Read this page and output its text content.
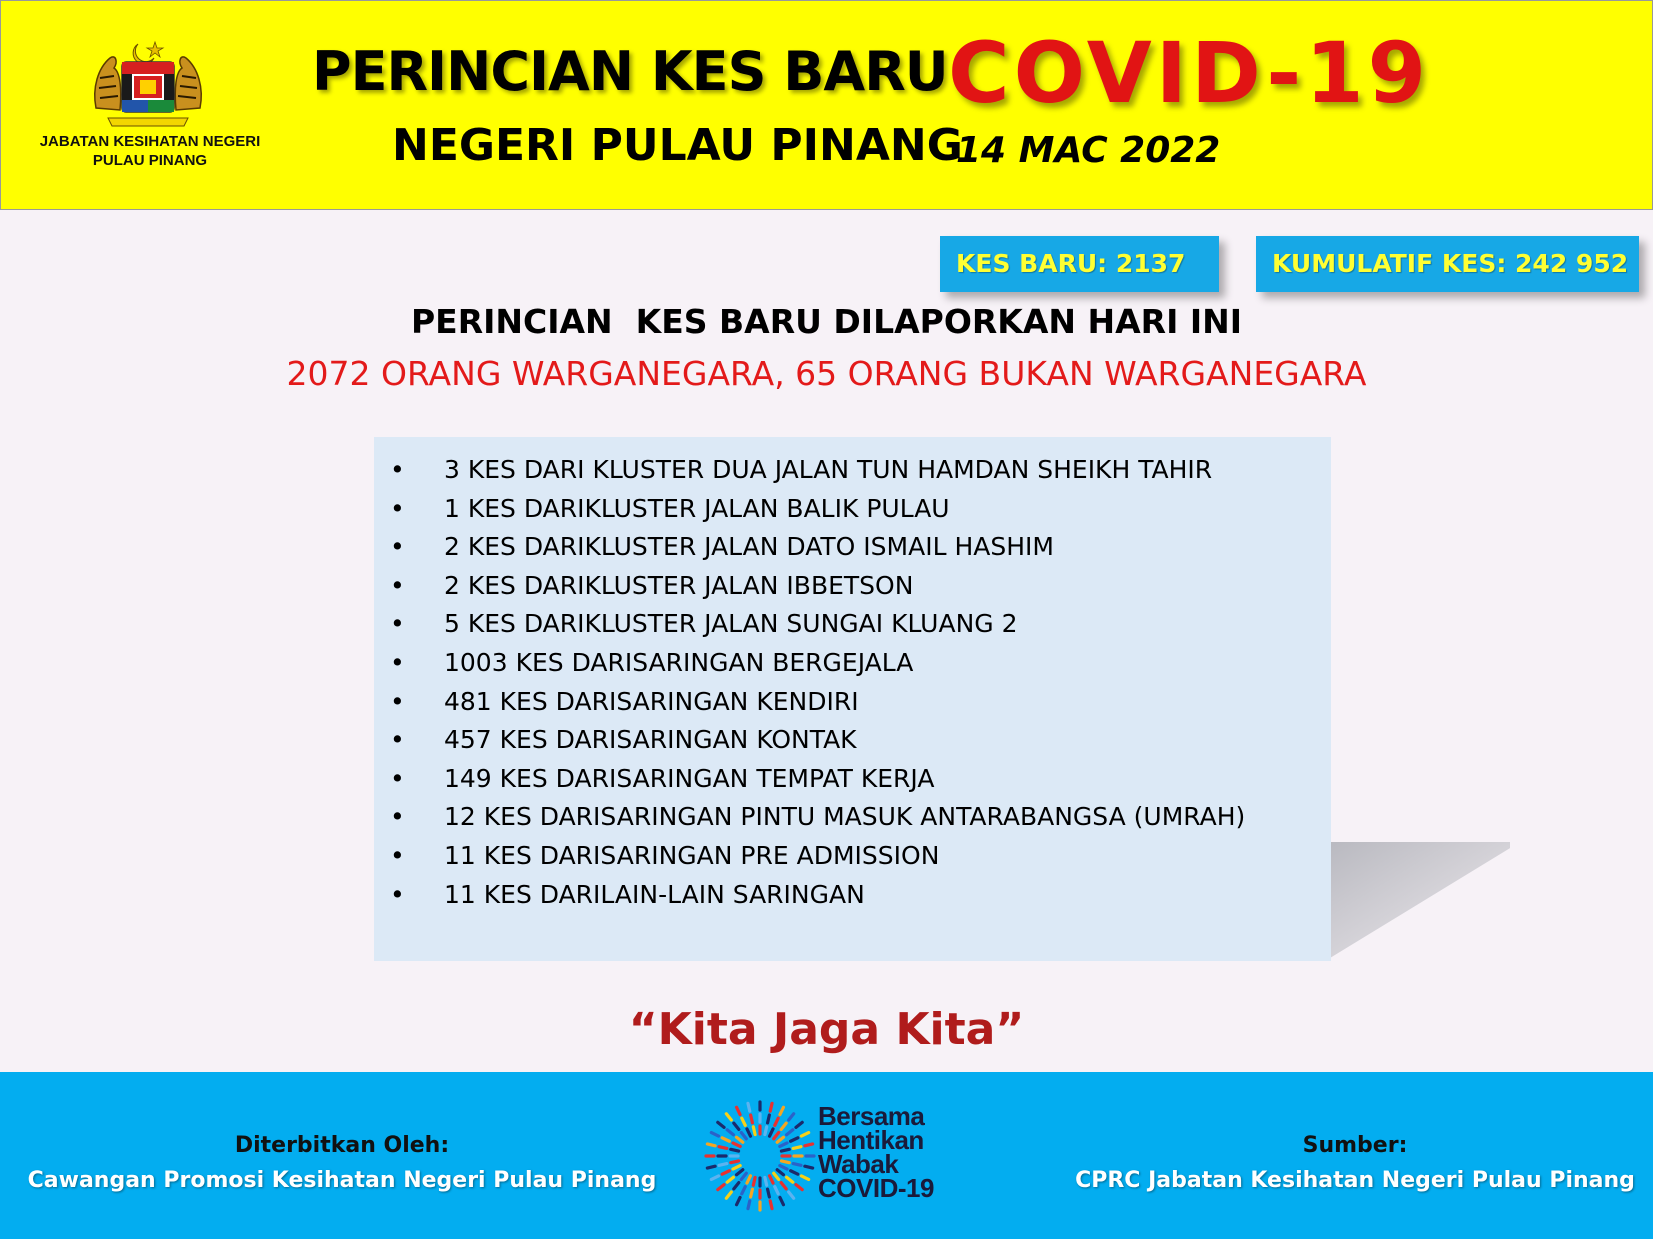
JABATAN KESIHATAN NEGERI
PULAU PINANG
PERINCIAN KES BARU COVID-19
NEGERI PULAU PINANG
14 MAC 2022
KES BARU: 2137	KUMULATIF KES: 242 952
PERINCIAN  KES BARU DILAPORKAN HARI INI
2072 ORANG WARGANEGARA, 65 ORANG BUKAN WARGANEGARA
• 3 KES DARI KLUSTER DUA JALAN TUN HAMDAN SHEIKH TAHIR
• 1 KES DARIKLUSTER JALAN BALIK PULAU
• 2 KES DARIKLUSTER JALAN DATO ISMAIL HASHIM
• 2 KES DARIKLUSTER JALAN IBBETSON
• 5 KES DARIKLUSTER JALAN SUNGAI KLUANG 2
• 1003 KES DARISARINGAN BERGEJALA
• 481 KES DARISARINGAN KENDIRI
• 457 KES DARISARINGAN KONTAK
• 149 KES DARISARINGAN TEMPAT KERJA
• 12 KES DARISARINGAN PINTU MASUK ANTARABANGSA (UMRAH)
• 11 KES DARISARINGAN PRE ADMISSION
• 11 KES DARILAIN-LAIN SARINGAN
“Kita Jaga Kita”
Diterbitkan Oleh:
Cawangan Promosi Kesihatan Negeri Pulau Pinang
Bersama
Hentikan
Wabak
COVID-19
Sumber:
CPRC Jabatan Kesihatan Negeri Pulau Pinang
